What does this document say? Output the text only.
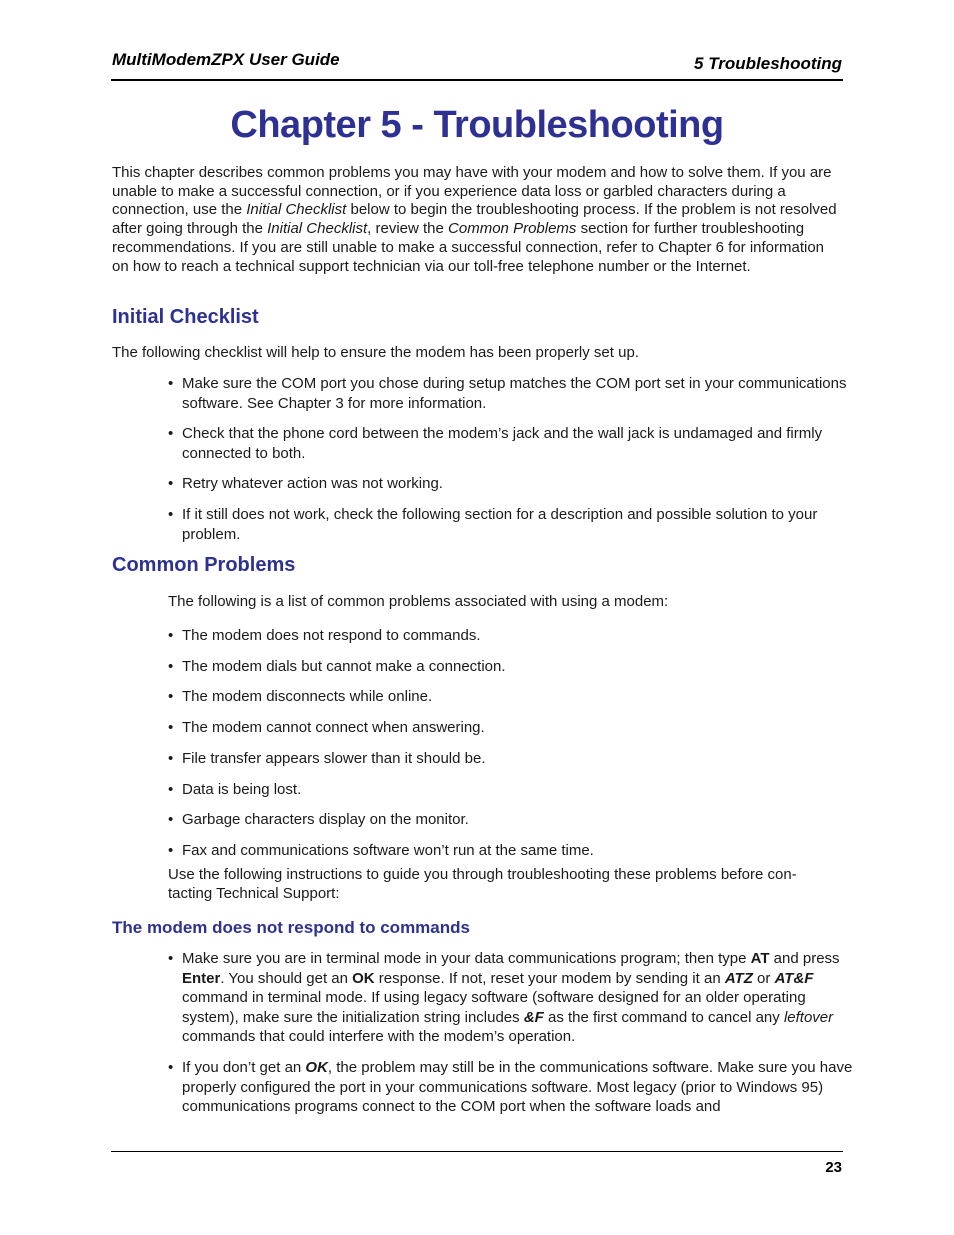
MultiModemZPX User Guide	5 Troubleshooting
Chapter 5 - Troubleshooting

This chapter describes common problems you may have with your modem and how to solve them. If you are unable to make a successful connection, or if you experience data loss or garbled characters during a connection, use the Initial Checklist below to begin the troubleshooting process. If the problem is not resolved after going through the Initial Checklist, review the Common Problems section for further troubleshooting recommendations. If you are still unable to make a successful connection, refer to Chapter 6 for information on how to reach a technical support technician via our toll-free telephone number or the Internet.

Initial Checklist

The following checklist will help to ensure the modem has been properly set up.

• Make sure the COM port you chose during setup matches the COM port set in your communications software. See Chapter 3 for more information.

• Check that the phone cord between the modem’s jack and the wall jack is undamaged and firmly connected to both.

• Retry whatever action was not working.

• If it still does not work, check the following section for a description and possible solution to your problem.

Common Problems

The following is a list of common problems associated with using a modem:

• The modem does not respond to commands.

• The modem dials but cannot make a connection.

• The modem disconnects while online.

• The modem cannot connect when answering.

• File transfer appears slower than it should be.

• Data is being lost.

• Garbage characters display on the monitor.

• Fax and communications software won’t run at the same time.

Use the following instructions to guide you through troubleshooting these problems before con-tacting Technical Support:

The modem does not respond to commands

• Make sure you are in terminal mode in your data communications program; then type AT and press Enter. You should get an OK response. If not, reset your modem by sending it an ATZ or AT&F command in terminal mode. If using legacy software (software designed for an older operating system), make sure the initialization string includes &F as the first command to cancel any leftover commands that could interfere with the modem’s operation.

• If you don’t get an OK, the problem may still be in the communications software. Make sure you have properly configured the port in your communications software. Most legacy (prior to Windows 95) communications programs connect to the COM port when the software loads and

23
